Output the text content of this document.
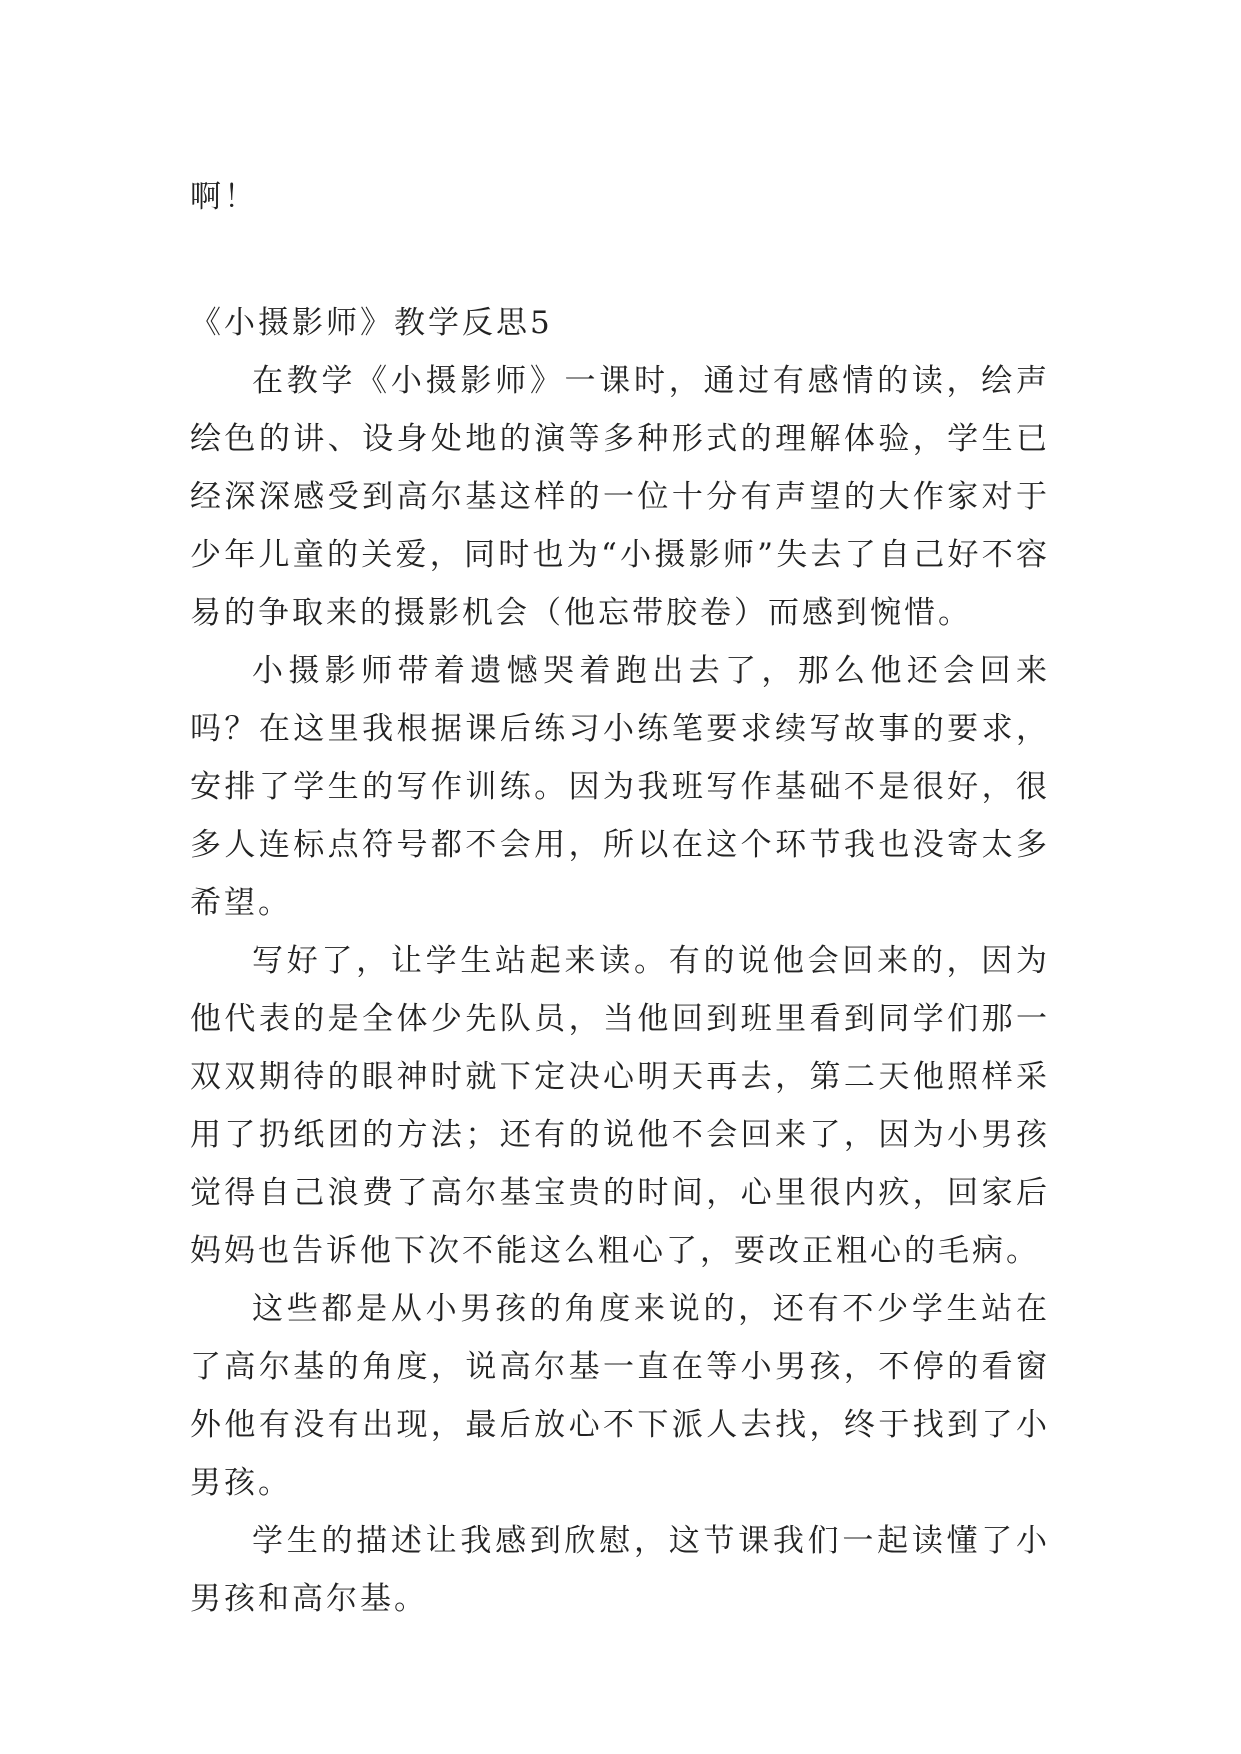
啊！

《小摄影师》教学反思5

在教学《小摄影师》一课时，通过有感情的读，绘声绘色的讲、设身处地的演等多种形式的理解体验，学生已经深深感受到高尔基这样的一位十分有声望的大作家对于少年儿童的关爱，同时也为“小摄影师”失去了自己好不容易的争取来的摄影机会（他忘带胶卷）而感到惋惜。

小摄影师带着遗憾哭着跑出去了，那么他还会回来吗？在这里我根据课后练习小练笔要求续写故事的要求，安排了学生的写作训练。因为我班写作基础不是很好，很多人连标点符号都不会用，所以在这个环节我也没寄太多希望。

写好了，让学生站起来读。有的说他会回来的，因为他代表的是全体少先队员，当他回到班里看到同学们那一双双期待的眼神时就下定决心明天再去，第二天他照样采用了扔纸团的方法；还有的说他不会回来了，因为小男孩觉得自己浪费了高尔基宝贵的时间，心里很内疚，回家后妈妈也告诉他下次不能这么粗心了，要改正粗心的毛病。

这些都是从小男孩的角度来说的，还有不少学生站在了高尔基的角度，说高尔基一直在等小男孩，不停的看窗外他有没有出现，最后放心不下派人去找，终于找到了小男孩。

学生的描述让我感到欣慰，这节课我们一起读懂了小男孩和高尔基。
